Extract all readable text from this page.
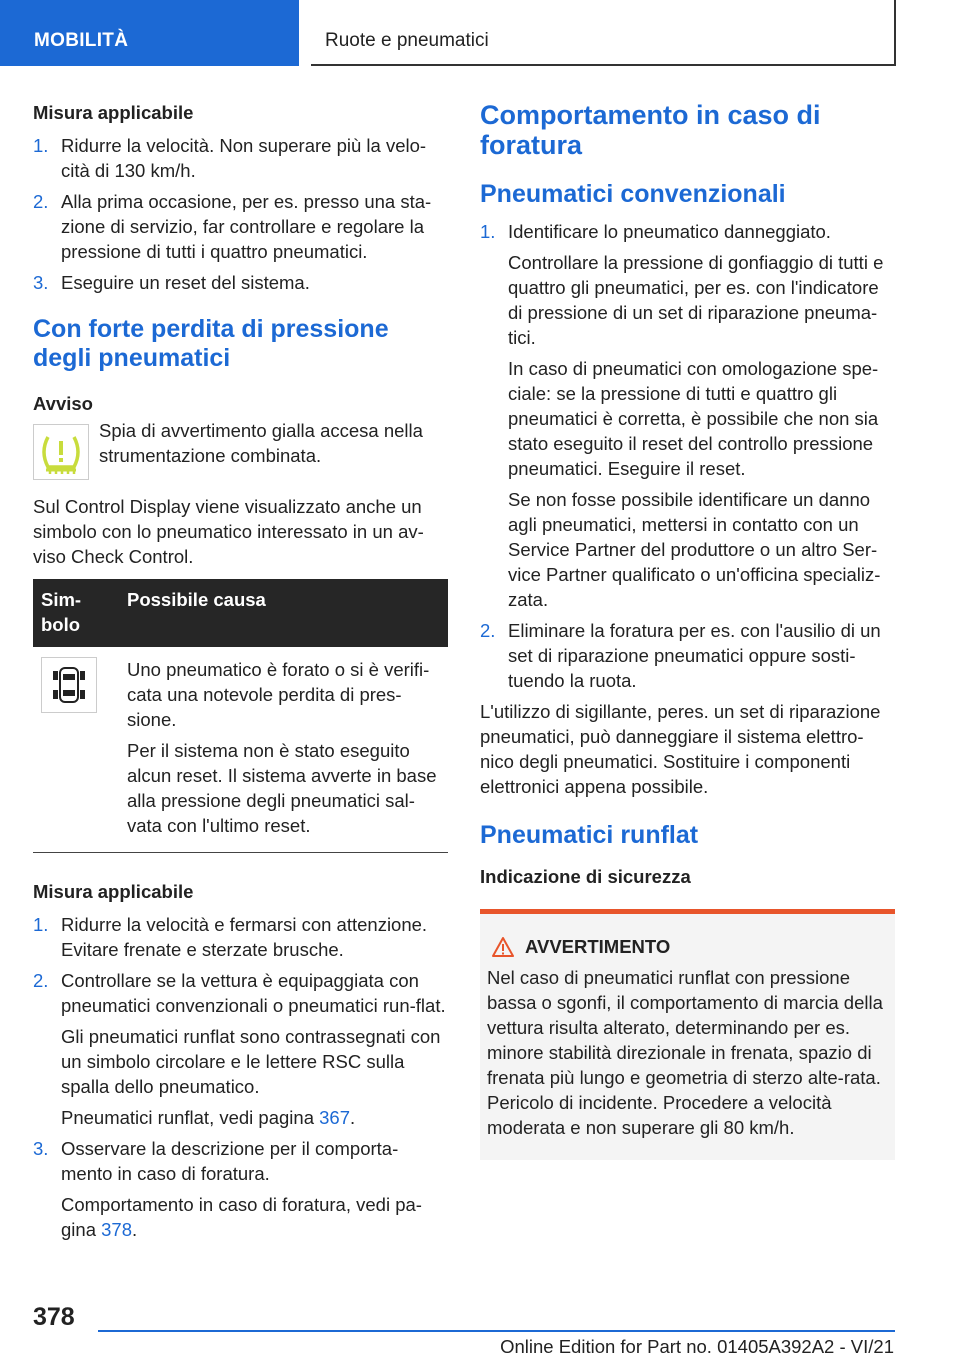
MOBILITÀ	Ruote e pneumatici
Misura applicabile
1. Ridurre la velocità. Non superare più la velo‐cità di 130 km/h.

2. Alla prima occasione, per es. presso una sta‐zione di servizio, far controllare e regolare la pressione di tutti i quattro pneumatici.

3. Eseguire un reset del sistema.

Con forte perdita di pressione degli pneumatici
Avviso
Spia di avvertimento gialla accesa nella strumentazione combinata.

Sul Control Display viene visualizzato anche un simbolo con lo pneumatico interessato in un av‐viso Check Control.

Sim‐bolo	Possibile causa

Uno pneumatico è forato o si è verifi‐cata una notevole perdita di pres‐sione.

Per il sistema non è stato eseguito alcun reset. Il sistema avverte in base alla pressione degli pneumatici sal‐vata con l'ultimo reset.

Misura applicabile
1. Ridurre la velocità e fermarsi con attenzione. Evitare frenate e sterzate brusche.

2. Controllare se la vettura è equipaggiata con pneumatici convenzionali o pneumatici run‐flat.

Gli pneumatici runflat sono contrassegnati con un simbolo circolare e le lettere RSC sulla spalla dello pneumatico.

Pneumatici runflat, vedi pagina 367.

3. Osservare la descrizione per il comporta‐mento in caso di foratura.

Comportamento in caso di foratura, vedi pa‐gina 378.

Comportamento in caso di foratura
Pneumatici convenzionali
1. Identificare lo pneumatico danneggiato.

Controllare la pressione di gonfiaggio di tutti e quattro gli pneumatici, per es. con l'indicatore di pressione di un set di riparazione pneuma‐tici.

In caso di pneumatici con omologazione spe‐ciale: se la pressione di tutti e quattro gli pneumatici è corretta, è possibile che non sia stato eseguito il reset del controllo pressione pneumatici. Eseguire il reset.

Se non fosse possibile identificare un danno agli pneumatici, mettersi in contatto con un Service Partner del produttore o un altro Ser‐vice Partner qualificato o un'officina specializ‐zata.

2. Eliminare la foratura per es. con l'ausilio di un set di riparazione pneumatici oppure sosti‐tuendo la ruota.

L'utilizzo di sigillante, peres. un set di riparazione pneumatici, può danneggiare il sistema elettro‐nico degli pneumatici. Sostituire i componenti elettronici appena possibile.

Pneumatici runflat
Indicazione di sicurezza
AVVERTIMENTO
Nel caso di pneumatici runflat con pressione bassa o sgonfi, il comportamento di marcia della vettura risulta alterato, determinando per es. minore stabilità direzionale in frenata, spazio di frenata più lungo e geometria di sterzo alte‐rata. Pericolo di incidente. Procedere a velocità moderata e non superare gli 80 km/h.
378
Online Edition for Part no. 01405A392A2 - VI/21
